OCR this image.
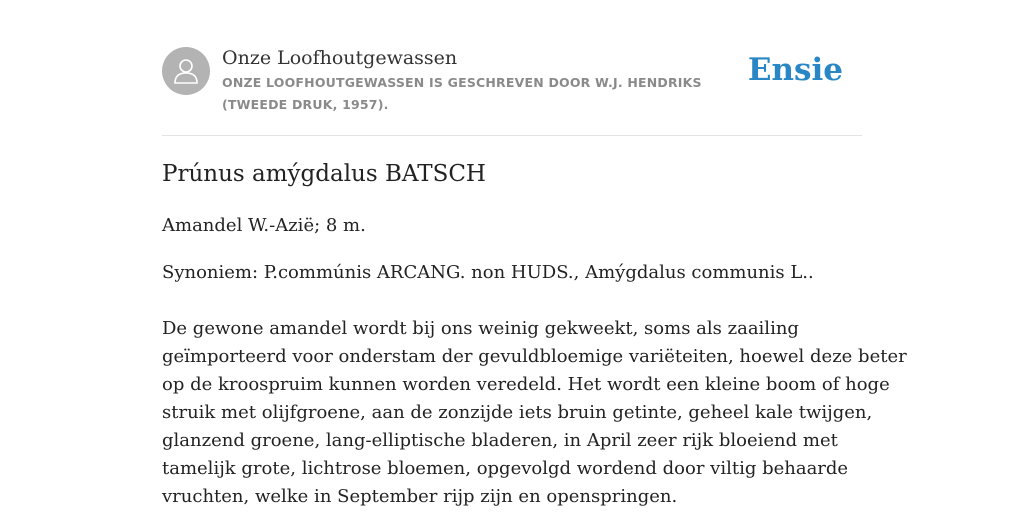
Onze Loofhoutgewassen
ONZE LOOFHOUTGEWASSEN IS GESCHREVEN DOOR W.J. HENDRIKS (TWEEDE DRUK, 1957).
Ensie
Prúnus amýgdalus BATSCH
Amandel W.-Azië; 8 m.
Synoniem: P.commúnis ARCANG. non HUDS., Amýgdalus communis L..
De gewone amandel wordt bij ons weinig gekweekt, soms als zaailing
geïmporteerd voor onderstam der gevuldbloemige variëteiten, hoewel deze beter
op de kroospruim kunnen worden veredeld. Het wordt een kleine boom of hoge
struik met olijfgroene, aan de zonzijde iets bruin getinte, geheel kale twijgen,
glanzend groene, lang-elliptische bladeren, in April zeer rijk bloeiend met
tamelijk grote, lichtrose bloemen, opgevolgd wordend door viltig behaarde
vruchten, welke in September rijp zijn en openspringen.
